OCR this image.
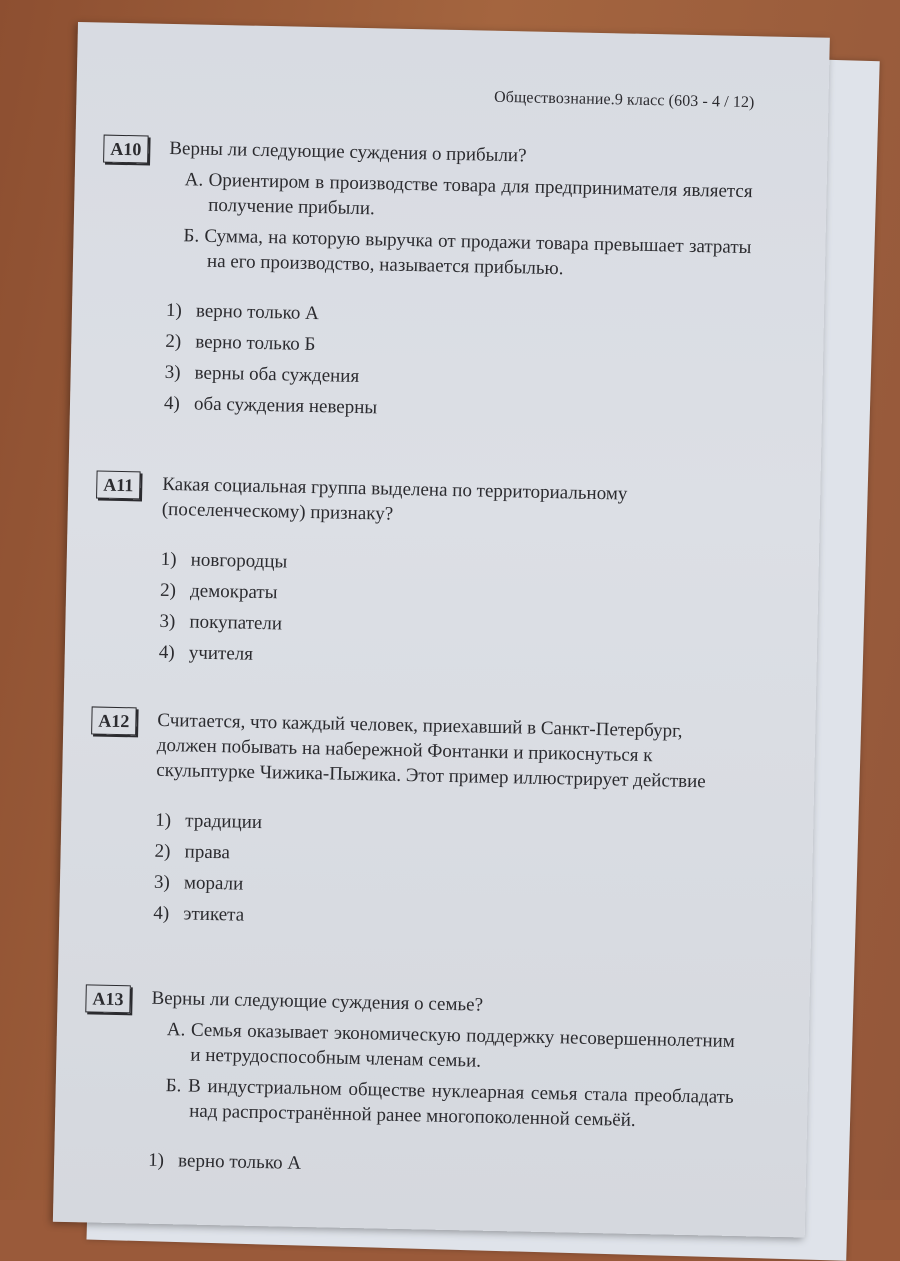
Обществознание.9 класс (603 - 4 / 12)
A10	Верны ли следующие суждения о прибыли?
А. Ориентиром в производстве товара для предпринимателя является получение прибыли.
Б. Сумма, на которую выручка от продажи товара превышает затраты на его производство, называется прибылью.
1) верно только А
2) верно только Б
3) верны оба суждения
4) оба суждения неверны
A11	Какая социальная группа выделена по территориальному (поселенческому) признаку?
1) новгородцы
2) демократы
3) покупатели
4) учителя
A12	Считается, что каждый человек, приехавший в Санкт-Петербург, должен побывать на набережной Фонтанки и прикоснуться к скульптурке Чижика-Пыжика. Этот пример иллюстрирует действие
1) традиции
2) права
3) морали
4) этикета
A13	Верны ли следующие суждения о семье?
А. Семья оказывает экономическую поддержку несовершеннолетним и нетрудоспособным членам семьи.
Б. В индустриальном обществе нуклеарная семья стала преобладать над распространённой ранее многопоколенной семьёй.
1) верно только А
